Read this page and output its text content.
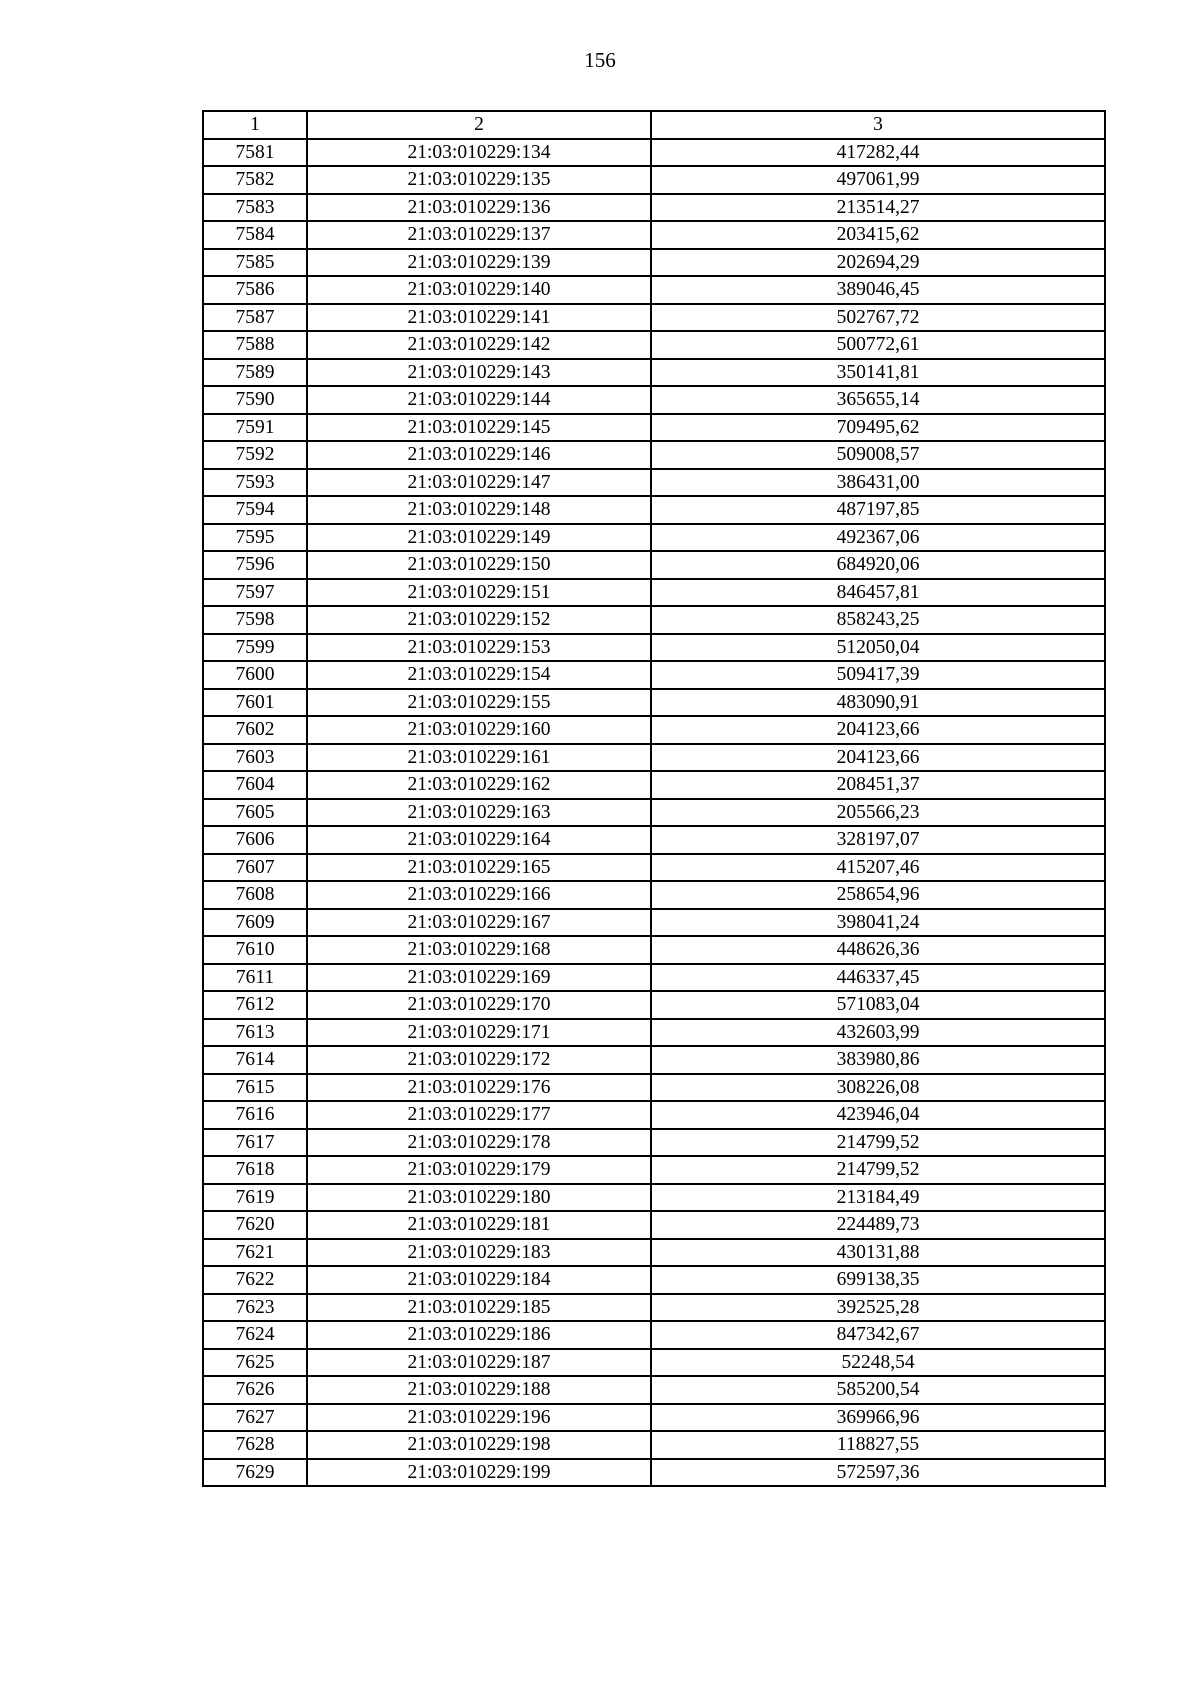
156
1	2	3
7581	21:03:010229:134	417282,44
7582	21:03:010229:135	497061,99
7583	21:03:010229:136	213514,27
7584	21:03:010229:137	203415,62
7585	21:03:010229:139	202694,29
7586	21:03:010229:140	389046,45
7587	21:03:010229:141	502767,72
7588	21:03:010229:142	500772,61
7589	21:03:010229:143	350141,81
7590	21:03:010229:144	365655,14
7591	21:03:010229:145	709495,62
7592	21:03:010229:146	509008,57
7593	21:03:010229:147	386431,00
7594	21:03:010229:148	487197,85
7595	21:03:010229:149	492367,06
7596	21:03:010229:150	684920,06
7597	21:03:010229:151	846457,81
7598	21:03:010229:152	858243,25
7599	21:03:010229:153	512050,04
7600	21:03:010229:154	509417,39
7601	21:03:010229:155	483090,91
7602	21:03:010229:160	204123,66
7603	21:03:010229:161	204123,66
7604	21:03:010229:162	208451,37
7605	21:03:010229:163	205566,23
7606	21:03:010229:164	328197,07
7607	21:03:010229:165	415207,46
7608	21:03:010229:166	258654,96
7609	21:03:010229:167	398041,24
7610	21:03:010229:168	448626,36
7611	21:03:010229:169	446337,45
7612	21:03:010229:170	571083,04
7613	21:03:010229:171	432603,99
7614	21:03:010229:172	383980,86
7615	21:03:010229:176	308226,08
7616	21:03:010229:177	423946,04
7617	21:03:010229:178	214799,52
7618	21:03:010229:179	214799,52
7619	21:03:010229:180	213184,49
7620	21:03:010229:181	224489,73
7621	21:03:010229:183	430131,88
7622	21:03:010229:184	699138,35
7623	21:03:010229:185	392525,28
7624	21:03:010229:186	847342,67
7625	21:03:010229:187	52248,54
7626	21:03:010229:188	585200,54
7627	21:03:010229:196	369966,96
7628	21:03:010229:198	118827,55
7629	21:03:010229:199	572597,36
